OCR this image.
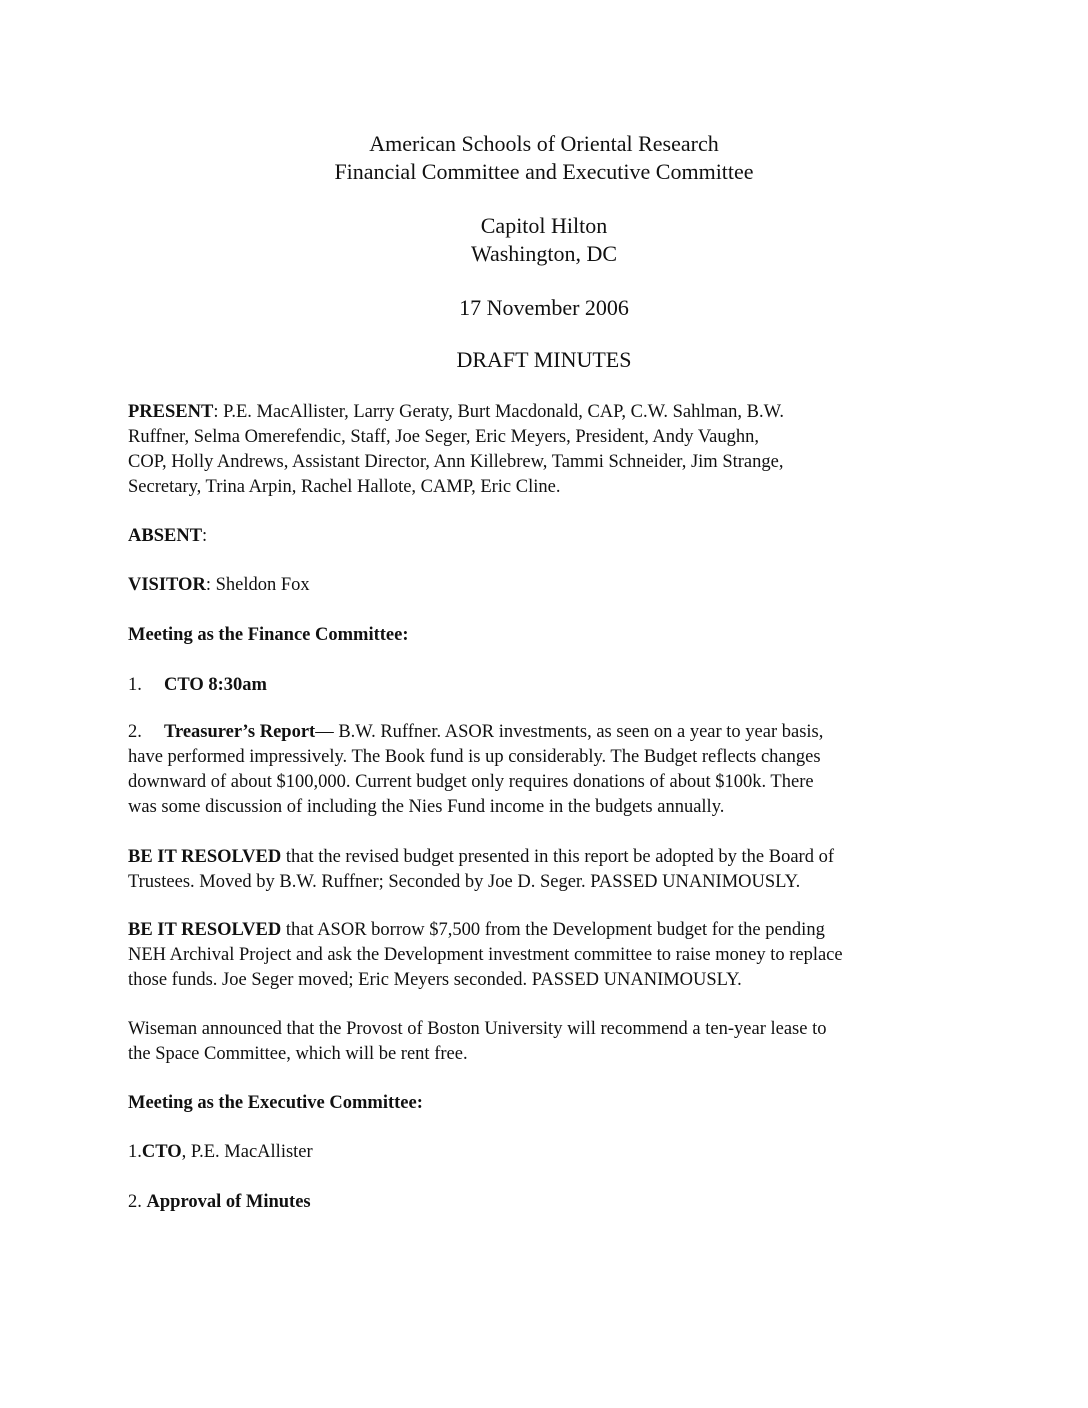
American Schools of Oriental Research
Financial Committee and Executive Committee
Capitol Hilton
Washington, DC
17 November 2006
DRAFT MINUTES
PRESENT: P.E. MacAllister, Larry Geraty, Burt Macdonald, CAP, C.W. Sahlman, B.W.
Ruffner, Selma Omerefendic, Staff, Joe Seger, Eric Meyers, President, Andy Vaughn,
COP, Holly Andrews, Assistant Director, Ann Killebrew, Tammi Schneider, Jim Strange,
Secretary, Trina Arpin, Rachel Hallote, CAMP, Eric Cline.
ABSENT:
VISITOR: Sheldon Fox
Meeting as the Finance Committee:
1. CTO 8:30am
2. Treasurer’s Report— B.W. Ruffner. ASOR investments, as seen on a year to year basis,
have performed impressively. The Book fund is up considerably. The Budget reflects changes
downward of about $100,000. Current budget only requires donations of about $100k. There
was some discussion of including the Nies Fund income in the budgets annually.
BE IT RESOLVED that the revised budget presented in this report be adopted by the Board of
Trustees. Moved by B.W. Ruffner; Seconded by Joe D. Seger. PASSED UNANIMOUSLY.
BE IT RESOLVED that ASOR borrow $7,500 from the Development budget for the pending
NEH Archival Project and ask the Development investment committee to raise money to replace
those funds. Joe Seger moved; Eric Meyers seconded. PASSED UNANIMOUSLY.
Wiseman announced that the Provost of Boston University will recommend a ten-year lease to
the Space Committee, which will be rent free.
Meeting as the Executive Committee:
1.CTO, P.E. MacAllister
2. Approval of Minutes
